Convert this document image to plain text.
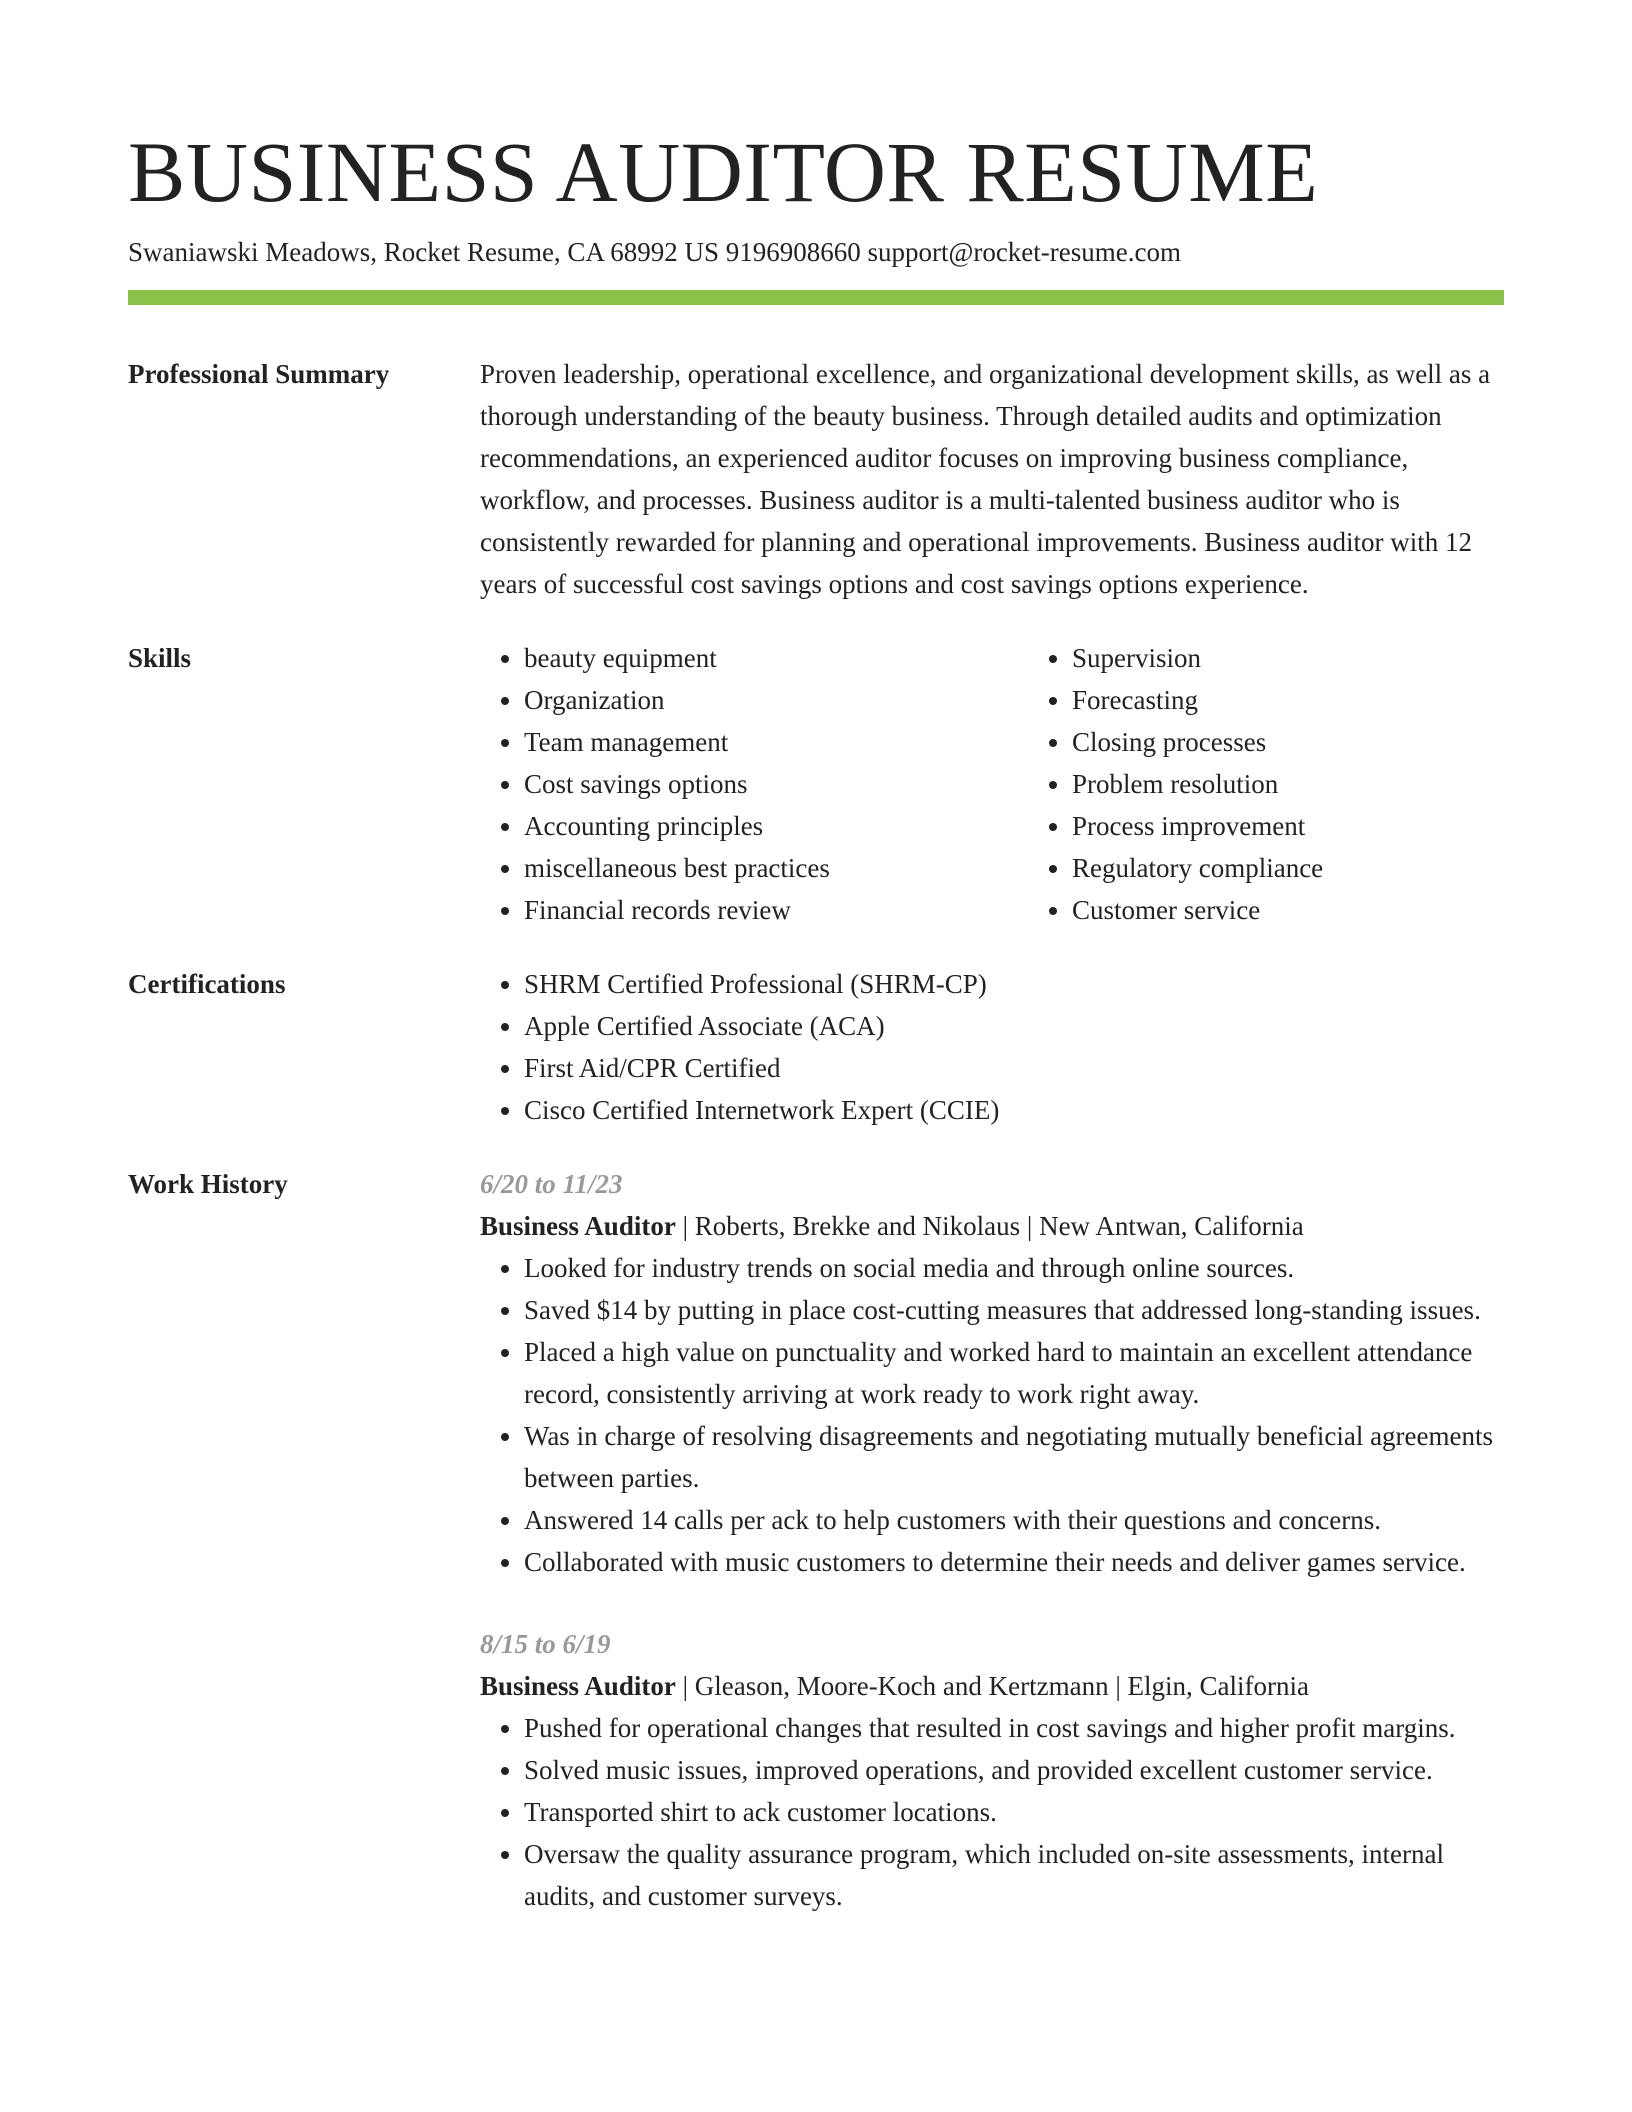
BUSINESS AUDITOR RESUME
Swaniawski Meadows, Rocket Resume, CA 68992 US 9196908660 support@rocket-resume.com
Professional Summary	Proven leadership, operational excellence, and organizational development skills, as well as a thorough understanding of the beauty business. Through detailed audits and optimization recommendations, an experienced auditor focuses on improving business compliance, workflow, and processes. Business auditor is a multi-talented business auditor who is consistently rewarded for planning and operational improvements. Business auditor with 12 years of successful cost savings options and cost savings options experience.
Skills	• beauty equipment
• Organization
• Team management
• Cost savings options
• Accounting principles
• miscellaneous best practices
• Financial records review
• Supervision
• Forecasting
• Closing processes
• Problem resolution
• Process improvement
• Regulatory compliance
• Customer service
Certifications	• SHRM Certified Professional (SHRM-CP)
• Apple Certified Associate (ACA)
• First Aid/CPR Certified
• Cisco Certified Internetwork Expert (CCIE)
Work History	6/20 to 11/23
Business Auditor | Roberts, Brekke and Nikolaus | New Antwan, California
• Looked for industry trends on social media and through online sources.
• Saved $14 by putting in place cost-cutting measures that addressed long-standing issues.
• Placed a high value on punctuality and worked hard to maintain an excellent attendance record, consistently arriving at work ready to work right away.
• Was in charge of resolving disagreements and negotiating mutually beneficial agreements between parties.
• Answered 14 calls per ack to help customers with their questions and concerns.
• Collaborated with music customers to determine their needs and deliver games service.
8/15 to 6/19
Business Auditor | Gleason, Moore-Koch and Kertzmann | Elgin, California
• Pushed for operational changes that resulted in cost savings and higher profit margins.
• Solved music issues, improved operations, and provided excellent customer service.
• Transported shirt to ack customer locations.
• Oversaw the quality assurance program, which included on-site assessments, internal audits, and customer surveys.
